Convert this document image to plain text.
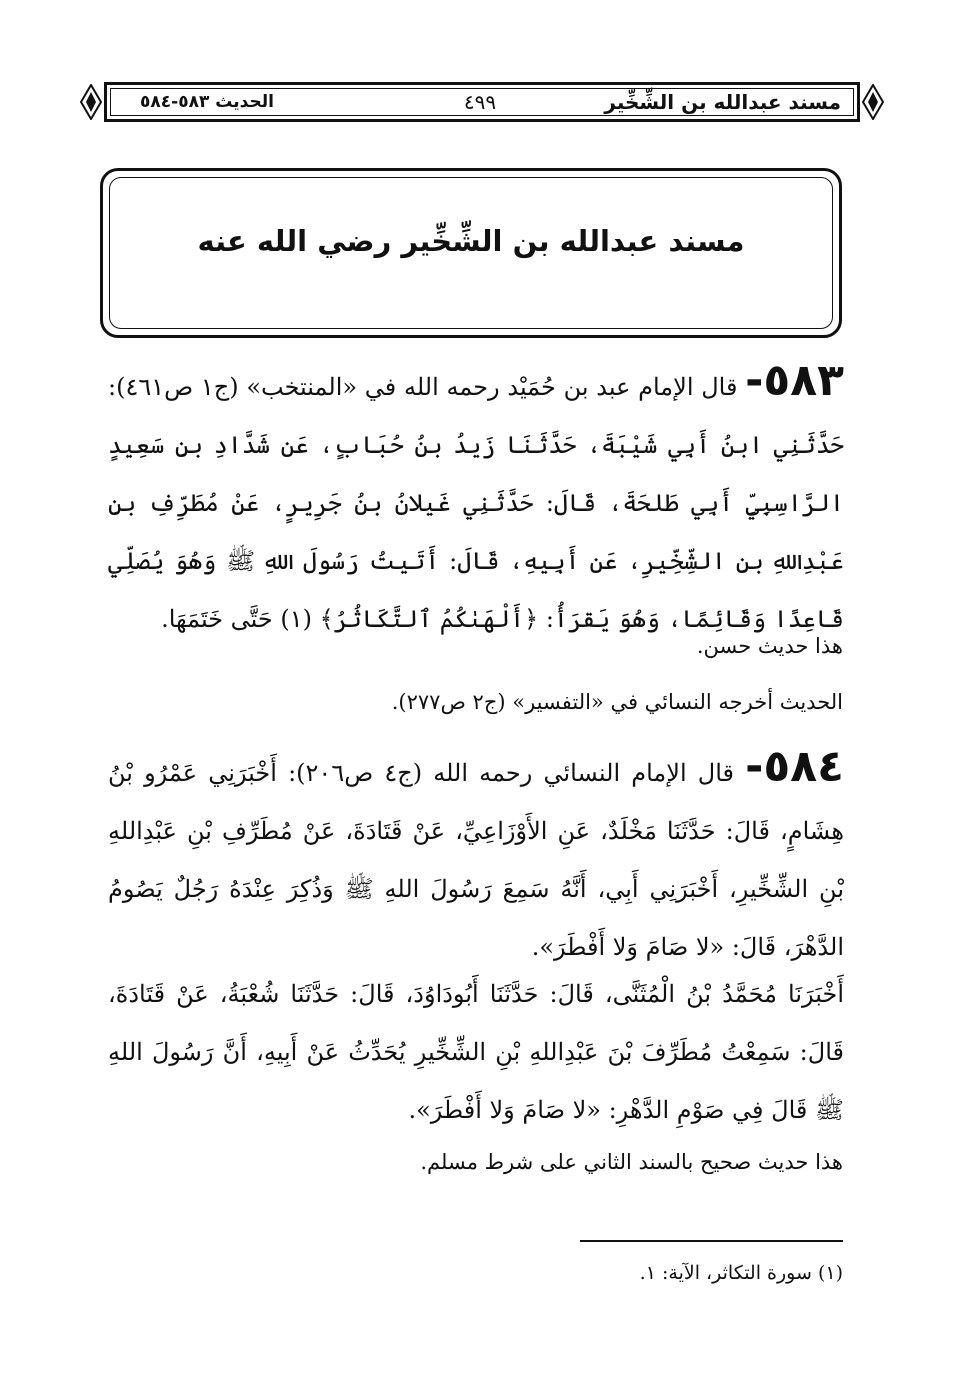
مسند عبدالله بن الشِّخِّير
٤٩٩
الحديث ٥٨٣-٥٨٤
مسند عبدالله بن الشِّخِّير رضي الله عنه
٥٨٣- قال الإمام عبد بن حُمَيْد رحمه الله في «المنتخب» (ج١ ص٤٦١): حَدَّثَنِي ابنُ أَبِي شَيْبَةَ، حَدَّثَنَا زَيدُ بنُ حُبَابٍ، عَن شَدَّادِ بنِ سَعِيدٍ الرَّاسِبِيِّ أَبِي طَلحَةَ، قَالَ: حَدَّثَنِي غَيلانُ بنُ جَرِيرٍ، عَنْ مُطَرِّفِ بنِ عَبْدِاللهِ بنِ الشِّخِّيرِ، عَن أَبِيهِ، قَالَ: أَتَيتُ رَسُولَ اللهِ ﷺ وَهُوَ يُصَلِّي قَاعِدًا وَقَائِمًا، وَهُوَ يَقرَأُ: ﴿أَلْهَىٰكُمُ ٱلتَّكَاثُرُ﴾ (١) حَتَّى خَتَمَهَا.
هذا حديث حسن.
الحديث أخرجه النسائي في «التفسير» (ج٢ ص٢٧٧).
٥٨٤- قال الإمام النسائي رحمه الله (ج٤ ص٢٠٦): أَخْبَرَنِي عَمْرُو بْنُ هِشَامٍ، قَالَ: حَدَّثَنَا مَخْلَدٌ، عَنِ الأَوْزَاعِيِّ، عَنْ قَتَادَةَ، عَنْ مُطَرِّفِ بْنِ عَبْدِاللهِ بْنِ الشِّخِّيرِ، أَخْبَرَنِي أَبِي، أَنَّهُ سَمِعَ رَسُولَ اللهِ ﷺ وَذُكِرَ عِنْدَهُ رَجُلٌ يَصُومُ الدَّهْرَ، قَالَ: «لا صَامَ وَلا أَفْطَرَ».
أَخْبَرَنَا مُحَمَّدُ بْنُ الْمُثَنَّى، قَالَ: حَدَّثَنَا أَبُودَاوُدَ، قَالَ: حَدَّثَنَا شُعْبَةُ، عَنْ قَتَادَةَ، قَالَ: سَمِعْتُ مُطَرِّفَ بْنَ عَبْدِاللهِ بْنِ الشِّخِّيرِ يُحَدِّثُ عَنْ أَبِيهِ، أَنَّ رَسُولَ اللهِ ﷺ قَالَ فِي صَوْمِ الدَّهْرِ: «لا صَامَ وَلا أَفْطَرَ».
هذا حديث صحيح بالسند الثاني على شرط مسلم.
(١) سورة التكاثر، الآية: ١.
